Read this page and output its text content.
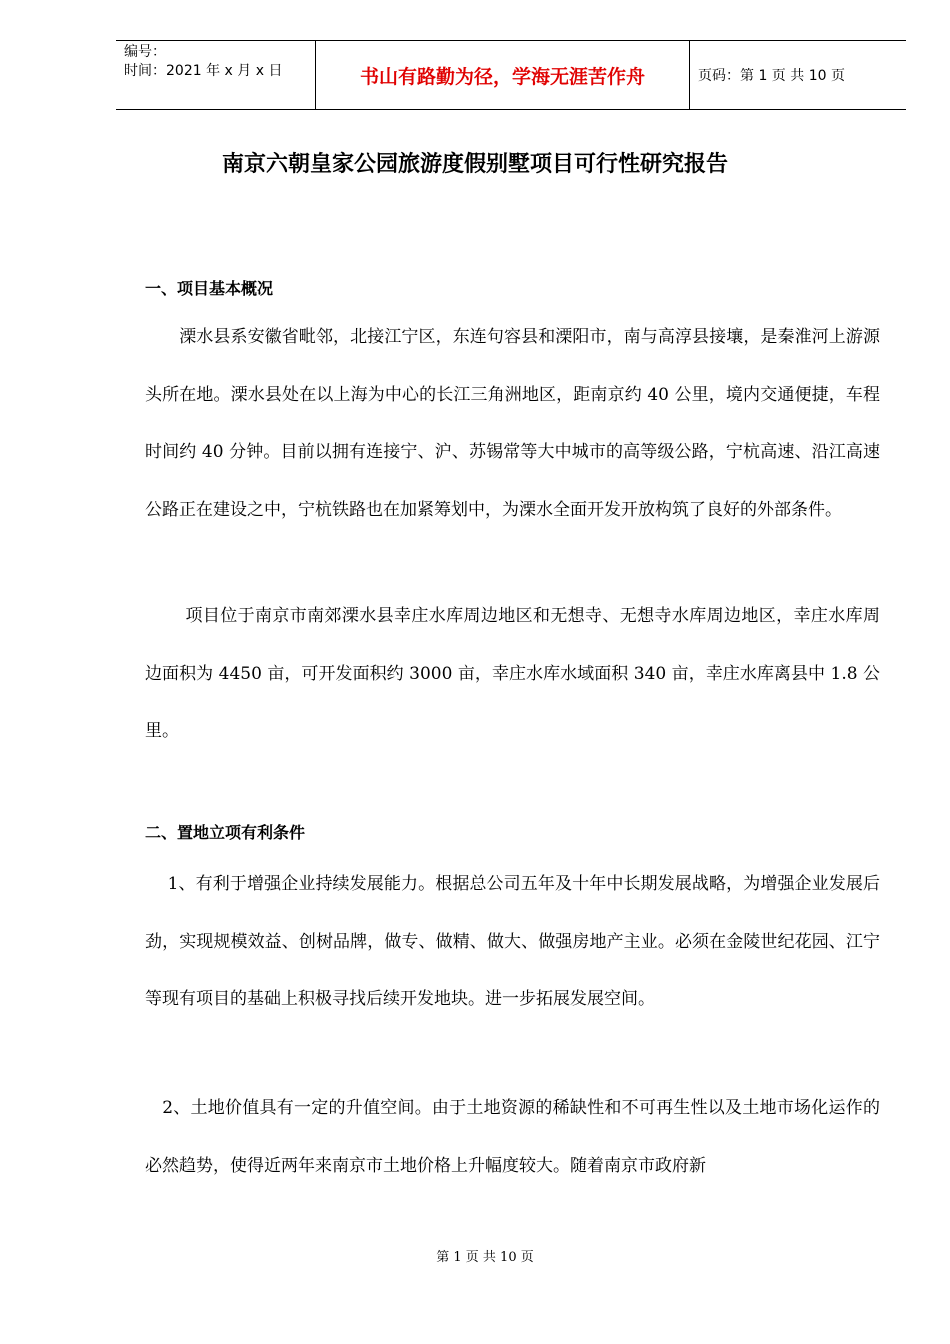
编号：
时间：2021 年 x 月 x 日	书山有路勤为径，学海无涯苦作舟	页码：第 1 页 共 10 页
南京六朝皇家公园旅游度假别墅项目可行性研究报告
一、项目基本概况
　　溧水县系安徽省毗邻，北接江宁区，东连句容县和溧阳市，南与高淳县接壤，是秦淮河上游源头所在地。溧水县处在以上海为中心的长江三角洲地区，距南京约 40 公里，境内交通便捷，车程时间约 40 分钟。目前以拥有连接宁、沪、苏锡常等大中城市的高等级公路，宁杭高速、沿江高速公路正在建设之中，宁杭铁路也在加紧筹划中，为溧水全面开发开放构筑了良好的外部条件。
　　 项目位于南京市南郊溧水县幸庄水库周边地区和无想寺、无想寺水库周边地区，幸庄水库周边面积为 4450 亩，可开发面积约 3000 亩，幸庄水库水域面积 340 亩，幸庄水库离县中 1.8 公里。
二、置地立项有利条件
　 1、有利于增强企业持续发展能力。根据总公司五年及十年中长期发展战略，为增强企业发展后劲，实现规模效益、创树品牌，做专、做精、做大、做强房地产主业。必须在金陵世纪花园、江宁等现有项目的基础上积极寻找后续开发地块。进一步拓展发展空间。
　2、土地价值具有一定的升值空间。由于土地资源的稀缺性和不可再生性以及土地市场化运作的必然趋势，使得近两年来南京市土地价格上升幅度较大。随着南京市政府新
第 1 页 共 10 页
